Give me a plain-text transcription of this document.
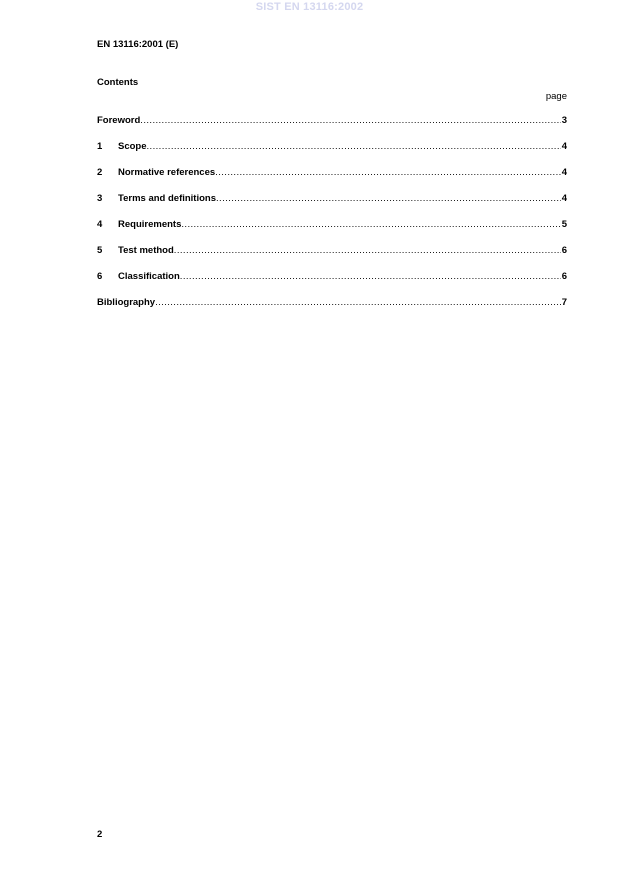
SIST EN 13116:2002
EN 13116:2001 (E)
Contents
page
Foreword .....	3
1	Scope .....	4
2	Normative references .....	4
3	Terms and definitions .....	4
4	Requirements .....	5
5	Test method .....	6
6	Classification .....	6
Bibliography .....	7
2
